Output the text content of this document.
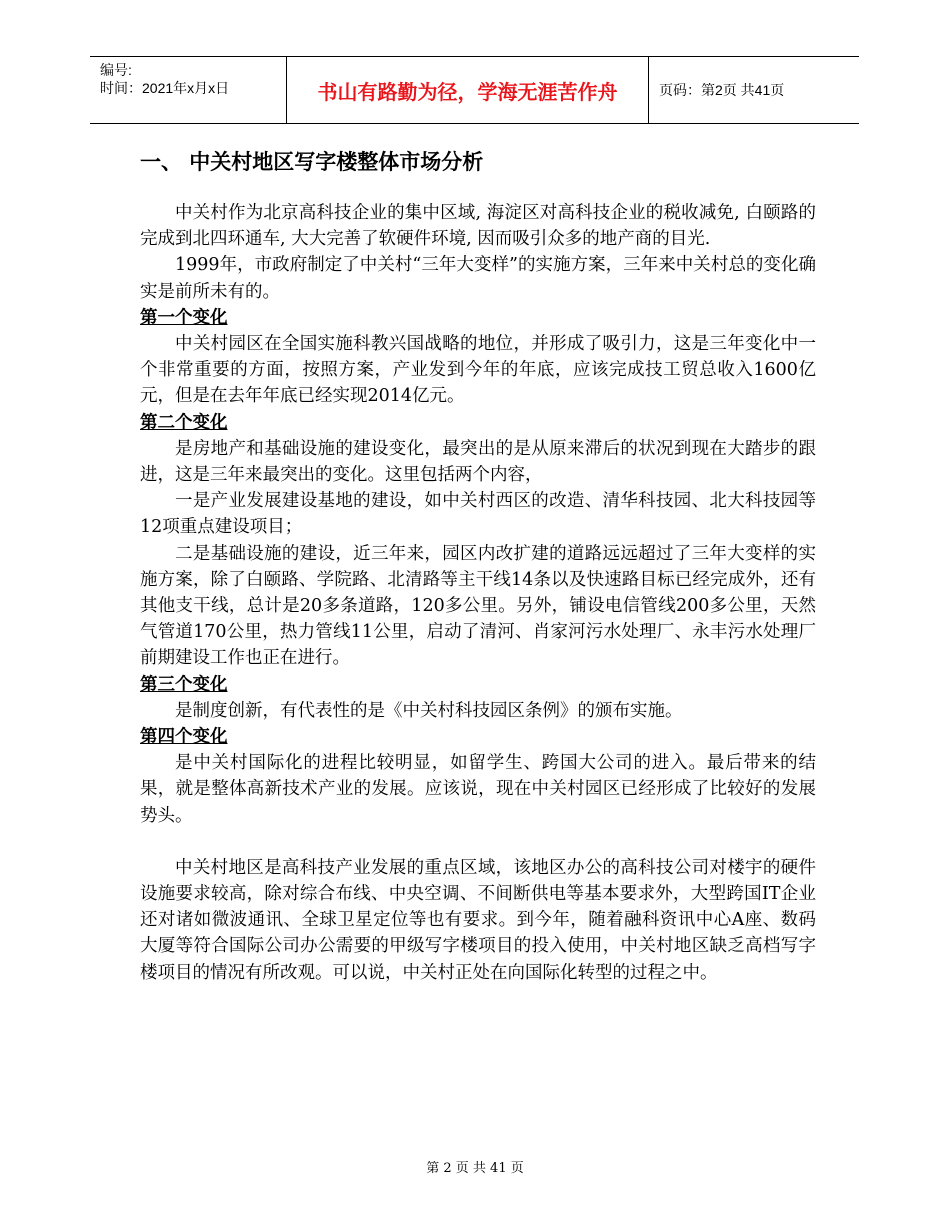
编号:
时间：2021年x月x日	书山有路勤为径，学海无涯苦作舟	页码：第2页 共41页
一、 中关村地区写字楼整体市场分析

中关村作为北京高科技企业的集中区域, 海淀区对高科技企业的税收减免, 白颐路的完成到北四环通车, 大大完善了软硬件环境, 因而吸引众多的地产商的目光.

1999年，市政府制定了中关村“三年大变样”的实施方案，三年来中关村总的变化确实是前所未有的。

第一个变化

中关村园区在全国实施科教兴国战略的地位，并形成了吸引力，这是三年变化中一个非常重要的方面，按照方案，产业发到今年的年底，应该完成技工贸总收入1600亿元，但是在去年年底已经实现2014亿元。

第二个变化

是房地产和基础设施的建设变化，最突出的是从原来滞后的状况到现在大踏步的跟进，这是三年来最突出的变化。这里包括两个内容，

一是产业发展建设基地的建设，如中关村西区的改造、清华科技园、北大科技园等12项重点建设项目；

二是基础设施的建设，近三年来，园区内改扩建的道路远远超过了三年大变样的实施方案，除了白颐路、学院路、北清路等主干线14条以及快速路目标已经完成外，还有其他支干线，总计是20多条道路，120多公里。另外，铺设电信管线200多公里，天然气管道170公里，热力管线11公里，启动了清河、肖家河污水处理厂、永丰污水处理厂前期建设工作也正在进行。

第三个变化

是制度创新，有代表性的是《中关村科技园区条例》的颁布实施。

第四个变化

是中关村国际化的进程比较明显，如留学生、跨国大公司的进入。最后带来的结果，就是整体高新技术产业的发展。应该说，现在中关村园区已经形成了比较好的发展势头。

中关村地区是高科技产业发展的重点区域，该地区办公的高科技公司对楼宇的硬件设施要求较高，除对综合布线、中央空调、不间断供电等基本要求外，大型跨国IT企业还对诸如微波通讯、全球卫星定位等也有要求。到今年，随着融科资讯中心A座、数码大厦等符合国际公司办公需要的甲级写字楼项目的投入使用，中关村地区缺乏高档写字楼项目的情况有所改观。可以说，中关村正处在向国际化转型的过程之中。

第 2 页 共 41 页
